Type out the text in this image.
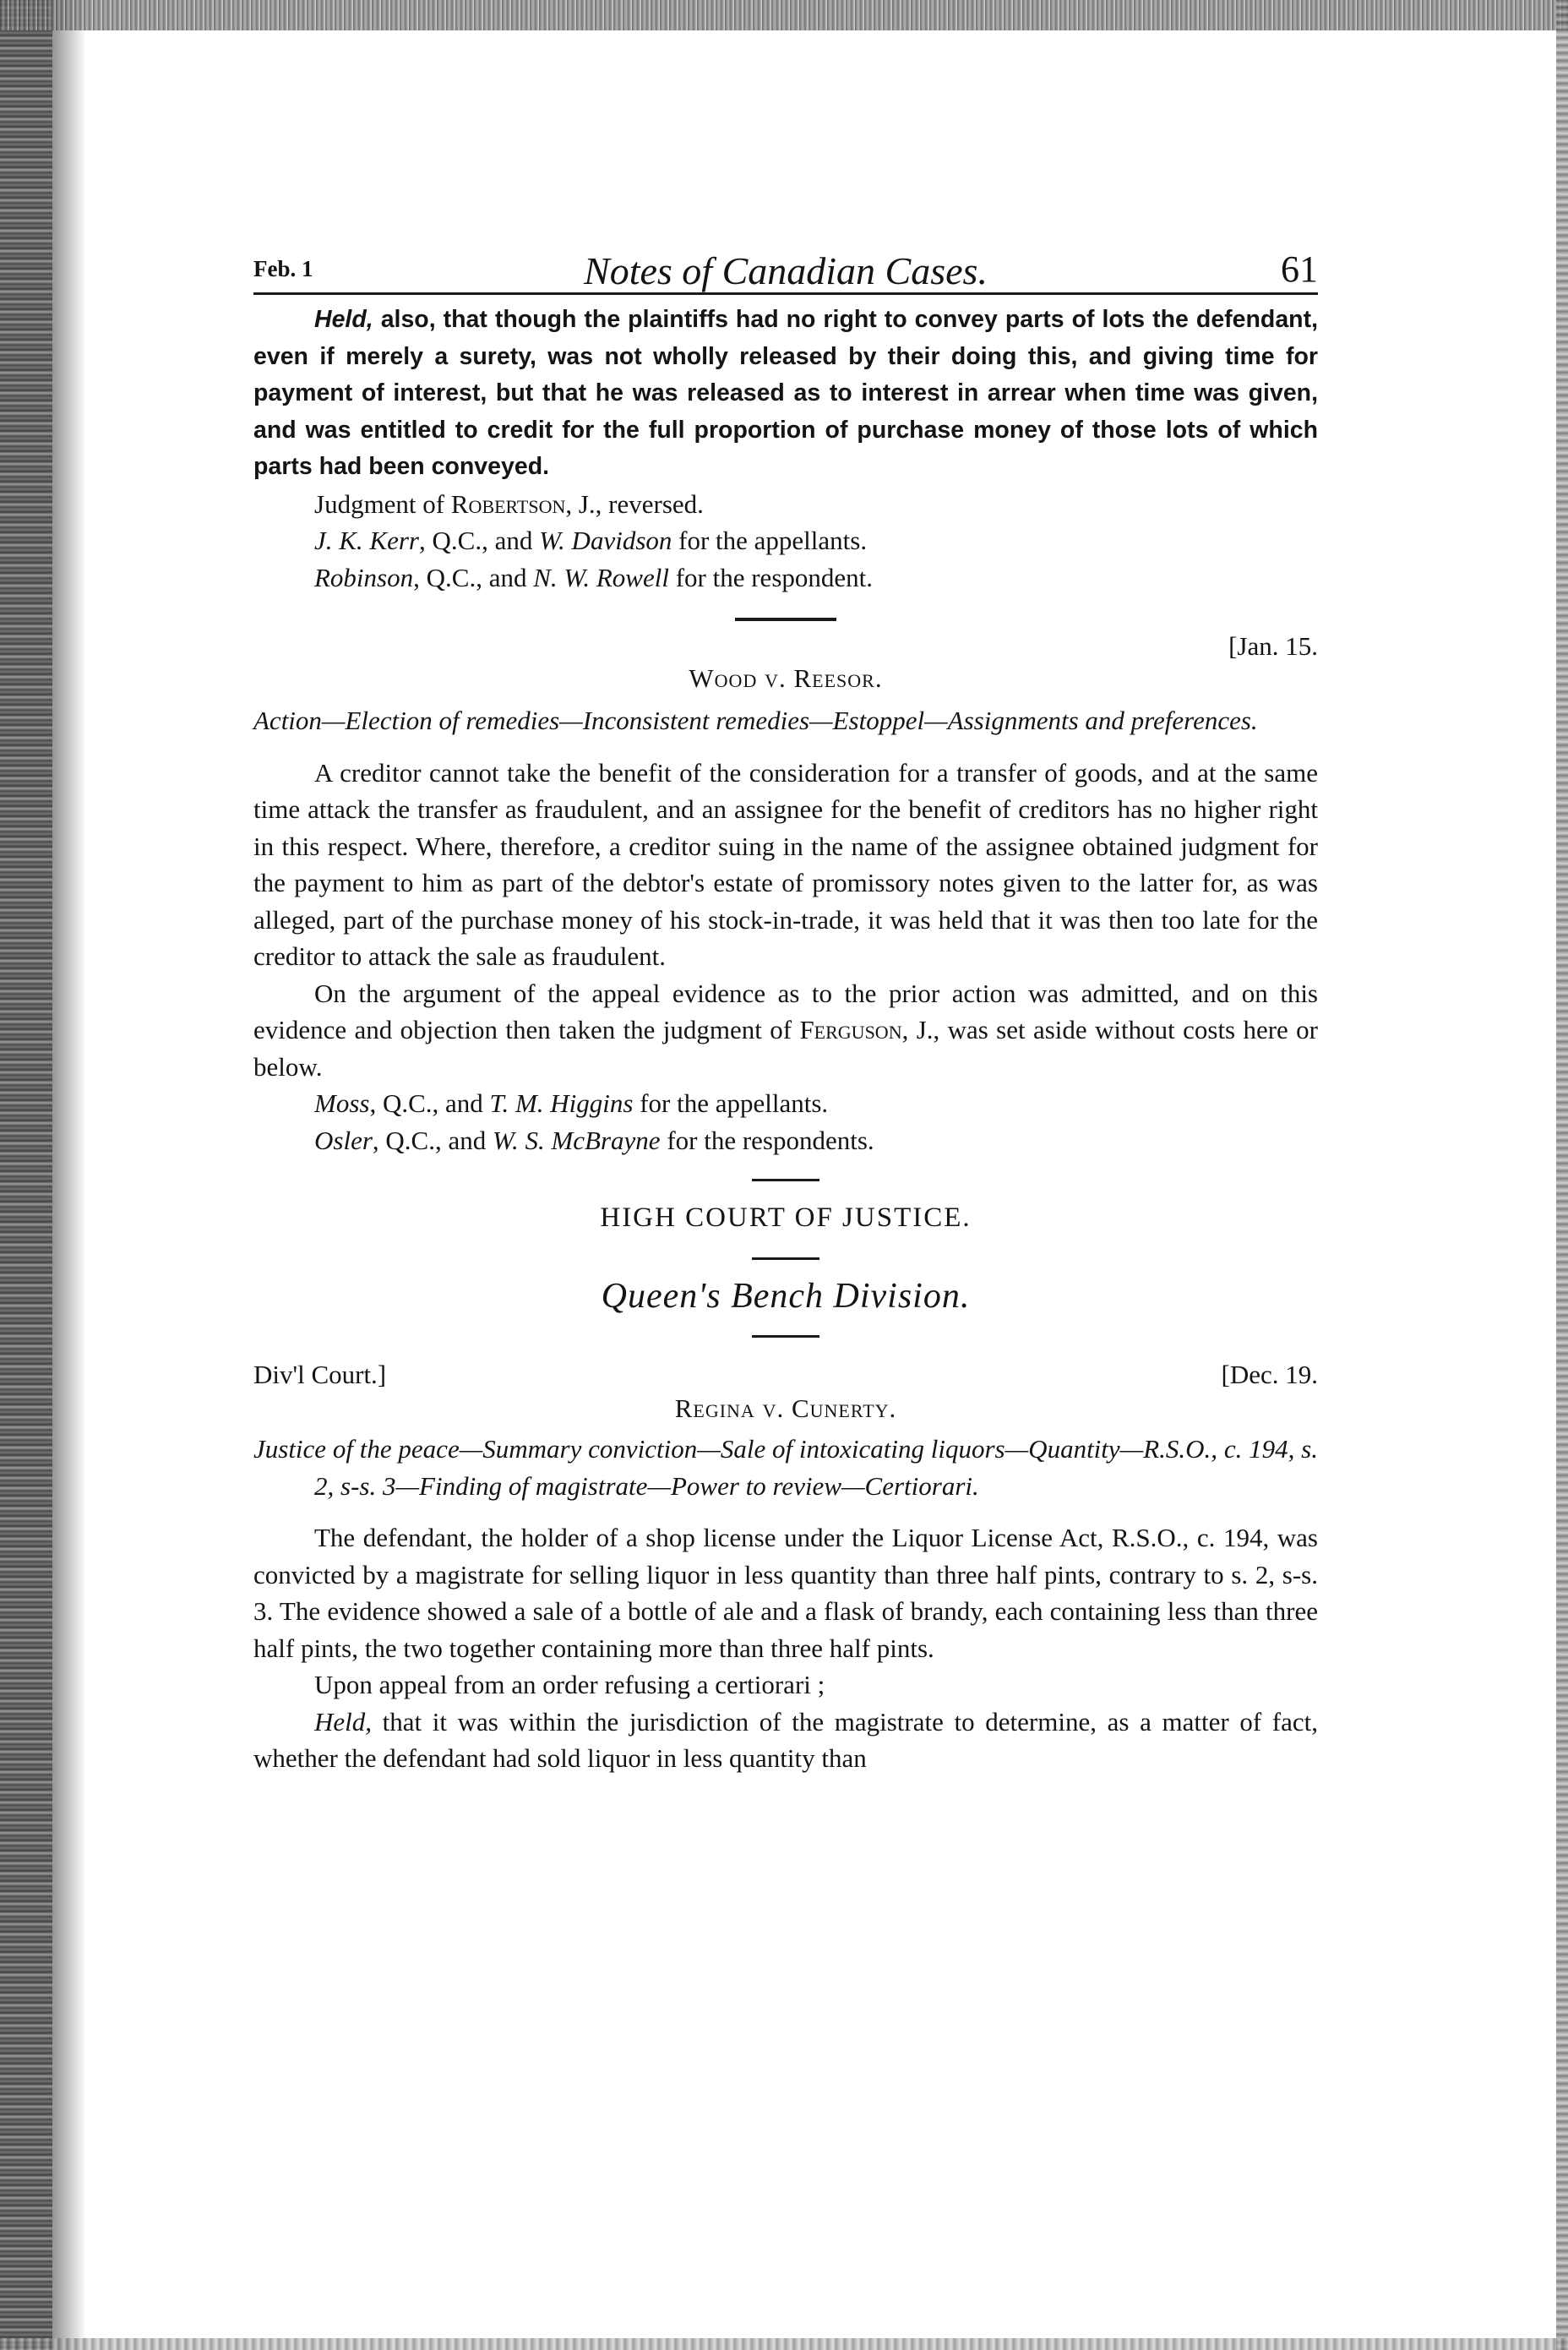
Feb. 1	Notes of Canadian Cases.	61

Held, also, that though the plaintiffs had no right to convey parts of lots the defendant, even if merely a surety, was not wholly released by their doing this, and giving time for payment of interest, but that he was released as to interest in arrear when time was given, and was entitled to credit for the full proportion of purchase money of those lots of which parts had been conveyed.

Judgment of Robertson, J., reversed.

J. K. Kerr, Q.C., and W. Davidson for the appellants.

Robinson, Q.C., and N. W. Rowell for the respondent.

[Jan. 15.
Wood v. Reesor.

Action—Election of remedies—Inconsistent remedies—Estoppel—Assignments and preferences.

A creditor cannot take the benefit of the consideration for a transfer of goods, and at the same time attack the transfer as fraudulent, and an assignee for the benefit of creditors has no higher right in this respect. Where, therefore, a creditor suing in the name of the assignee obtained judgment for the payment to him as part of the debtor's estate of promissory notes given to the latter for, as was alleged, part of the purchase money of his stock-in-trade, it was held that it was then too late for the creditor to attack the sale as fraudulent.

On the argument of the appeal evidence as to the prior action was admitted, and on this evidence and objection then taken the judgment of Ferguson, J., was set aside without costs here or below.

Moss, Q.C., and T. M. Higgins for the appellants.

Osler, Q.C., and W. S. McBrayne for the respondents.

HIGH COURT OF JUSTICE.
Queen's Bench Division.
Div'l Court.]	[Dec. 19.
Regina v. Cunerty.

Justice of the peace—Summary conviction—Sale of intoxicating liquors—Quantity—R.S.O., c. 194, s. 2, s-s. 3—Finding of magistrate—Power to review—Certiorari.

The defendant, the holder of a shop license under the Liquor License Act, R.S.O., c. 194, was convicted by a magistrate for selling liquor in less quantity than three half pints, contrary to s. 2, s-s. 3. The evidence showed a sale of a bottle of ale and a flask of brandy, each containing less than three half pints, the two together containing more than three half pints.

Upon appeal from an order refusing a certiorari ;

Held, that it was within the jurisdiction of the magistrate to determine, as a matter of fact, whether the defendant had sold liquor in less quantity than
